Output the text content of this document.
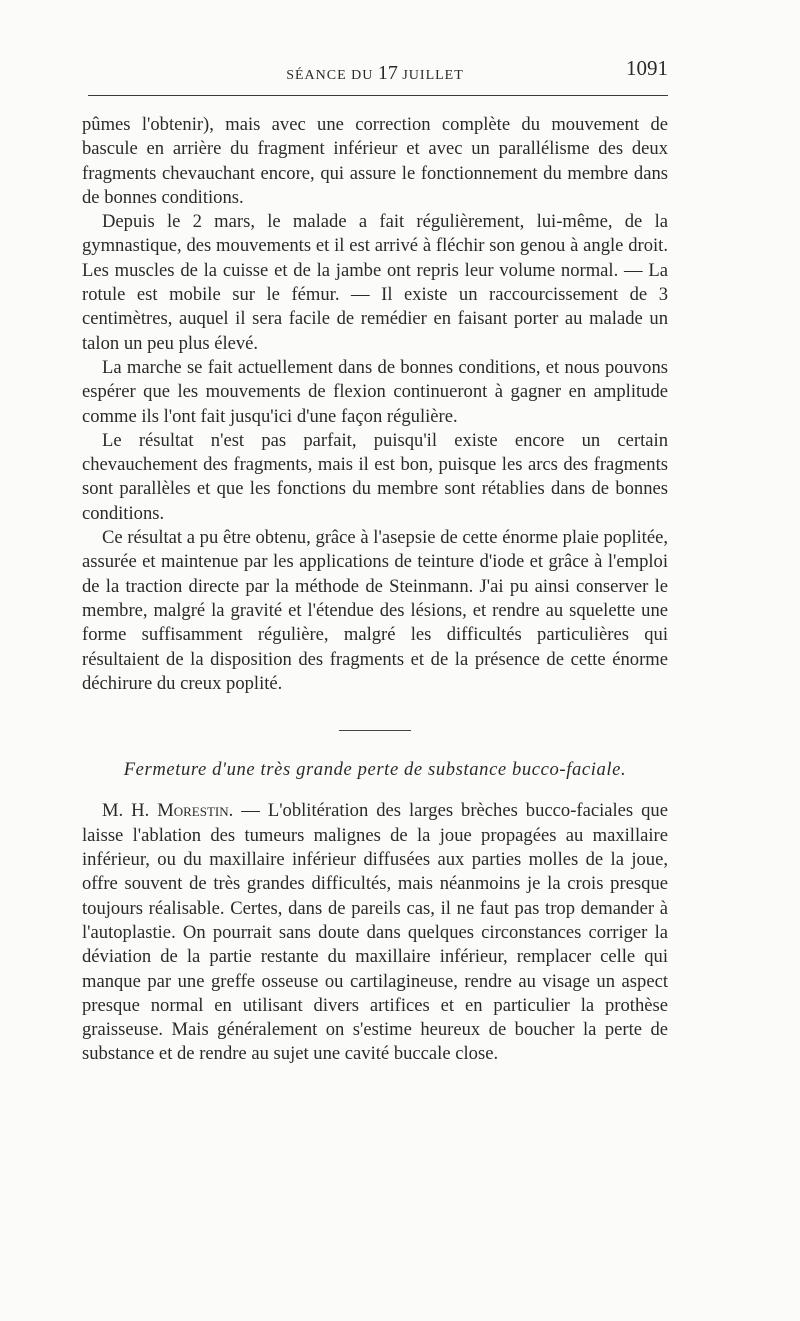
SÉANCE DU 17 JUILLET	1091

pûmes l'obtenir), mais avec une correction complète du mouvement de bascule en arrière du fragment inférieur et avec un parallélisme des deux fragments chevauchant encore, qui assure le fonctionnement du membre dans de bonnes conditions.

Depuis le 2 mars, le malade a fait régulièrement, lui-même, de la gymnastique, des mouvements et il est arrivé à fléchir son genou à angle droit. Les muscles de la cuisse et de la jambe ont repris leur volume normal. — La rotule est mobile sur le fémur. — Il existe un raccourcissement de 3 centimètres, auquel il sera facile de remédier en faisant porter au malade un talon un peu plus élevé.

La marche se fait actuellement dans de bonnes conditions, et nous pouvons espérer que les mouvements de flexion continueront à gagner en amplitude comme ils l'ont fait jusqu'ici d'une façon régulière.

Le résultat n'est pas parfait, puisqu'il existe encore un certain chevauchement des fragments, mais il est bon, puisque les arcs des fragments sont parallèles et que les fonctions du membre sont rétablies dans de bonnes conditions.

Ce résultat a pu être obtenu, grâce à l'asepsie de cette énorme plaie poplitée, assurée et maintenue par les applications de teinture d'iode et grâce à l'emploi de la traction directe par la méthode de Steinmann. J'ai pu ainsi conserver le membre, malgré la gravité et l'étendue des lésions, et rendre au squelette une forme suffisamment régulière, malgré les difficultés particulières qui résultaient de la disposition des fragments et de la présence de cette énorme déchirure du creux poplité.

Fermeture d'une très grande perte de substance bucco-faciale.

M. H. Morestin. — L'oblitération des larges brèches bucco-faciales que laisse l'ablation des tumeurs malignes de la joue propagées au maxillaire inférieur, ou du maxillaire inférieur diffusées aux parties molles de la joue, offre souvent de très grandes difficultés, mais néanmoins je la crois presque toujours réalisable. Certes, dans de pareils cas, il ne faut pas trop demander à l'autoplastie. On pourrait sans doute dans quelques circonstances corriger la déviation de la partie restante du maxillaire inférieur, remplacer celle qui manque par une greffe osseuse ou cartilagineuse, rendre au visage un aspect presque normal en utilisant divers artifices et en particulier la prothèse graisseuse. Mais généralement on s'estime heureux de boucher la perte de substance et de rendre au sujet une cavité buccale close.
